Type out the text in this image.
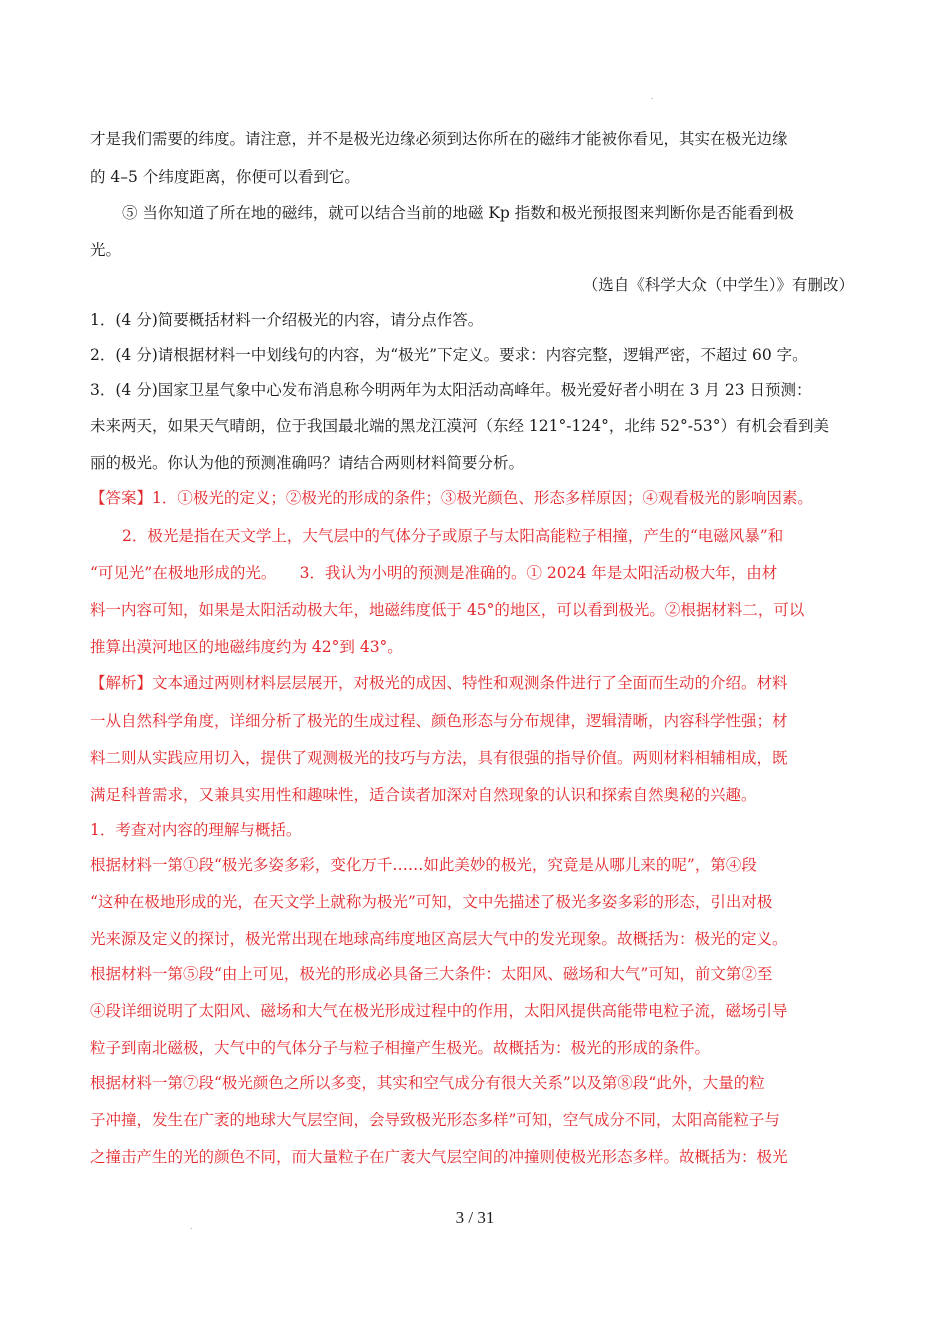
才是我们需要的纬度。请注意，并不是极光边缘必须到达你所在的磁纬才能被你看见，其实在极光边缘
的 4–5 个纬度距离，你便可以看到它。
⑤ 当你知道了所在地的磁纬，就可以结合当前的地磁 Kp 指数和极光预报图来判断你是否能看到极
光。
1．(4 分)简要概括材料一介绍极光的内容，请分点作答。
2．(4 分)请根据材料一中划线句的内容，为“极光”下定义。要求：内容完整，逻辑严密，不超过 60 字。
3．(4 分)国家卫星气象中心发布消息称今明两年为太阳活动高峰年。极光爱好者小明在 3 月 23 日预测：
未来两天，如果天气晴朗，位于我国最北端的黑龙江漠河（东经 121°-124°，北纬 52°-53°）有机会看到美
丽的极光。你认为他的预测准确吗？请结合两则材料简要分析。
【答案】1．①极光的定义；②极光的形成的条件；③极光颜色、形态多样原因；④观看极光的影响因素。
2．极光是指在天文学上，大气层中的气体分子或原子与太阳高能粒子相撞，产生的“电磁风暴”和
“可见光”在极地形成的光。　　3．我认为小明的预测是准确的。① 2024 年是太阳活动极大年，由材
料一内容可知，如果是太阳活动极大年，地磁纬度低于 45°的地区，可以看到极光。②根据材料二，可以
推算出漠河地区的地磁纬度约为 42°到 43°。
【解析】文本通过两则材料层层展开，对极光的成因、特性和观测条件进行了全面而生动的介绍。材料
一从自然科学角度，详细分析了极光的生成过程、颜色形态与分布规律，逻辑清晰，内容科学性强；材
料二则从实践应用切入，提供了观测极光的技巧与方法，具有很强的指导价值。两则材料相辅相成，既
满足科普需求，又兼具实用性和趣味性，适合读者加深对自然现象的认识和探索自然奥秘的兴趣。
1．考查对内容的理解与概括。
根据材料一第①段“极光多姿多彩，变化万千……如此美妙的极光，究竟是从哪儿来的呢”，第④段
“这种在极地形成的光，在天文学上就称为极光”可知，文中先描述了极光多姿多彩的形态，引出对极
光来源及定义的探讨，极光常出现在地球高纬度地区高层大气中的发光现象。故概括为：极光的定义。
根据材料一第⑤段“由上可见，极光的形成必具备三大条件：太阳风、磁场和大气”可知，前文第②至
④段详细说明了太阳风、磁场和大气在极光形成过程中的作用，太阳风提供高能带电粒子流，磁场引导
粒子到南北磁极，大气中的气体分子与粒子相撞产生极光。故概括为：极光的形成的条件。
根据材料一第⑦段“极光颜色之所以多变，其实和空气成分有很大关系”以及第⑧段“此外，大量的粒
子冲撞，发生在广袤的地球大气层空间，会导致极光形态多样”可知，空气成分不同，太阳高能粒子与
之撞击产生的光的颜色不同，而大量粒子在广袤大气层空间的冲撞则使极光形态多样。故概括为：极光
（选自《科学大众（中学生）》有删改）
.
.	3 / 31
